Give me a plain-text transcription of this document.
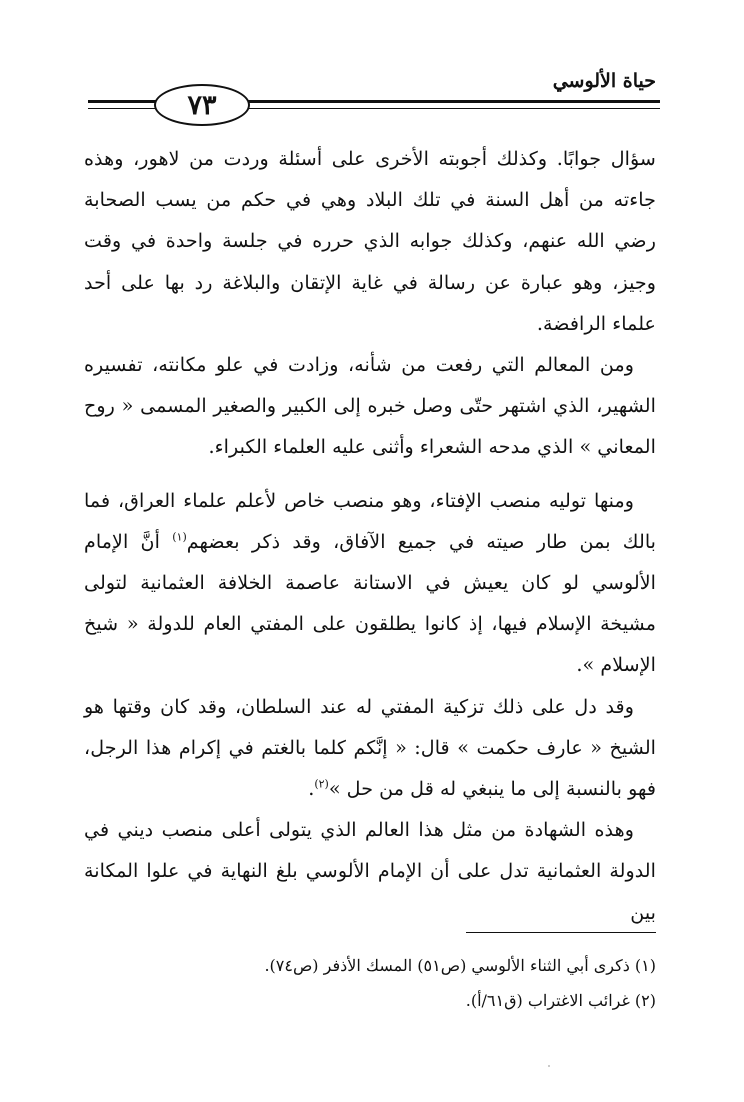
حياة الألوسي
٧٣

سؤال جوابًا. وكذلك أجوبته الأخرى على أسئلة وردت من لاهور، وهذه جاءته من أهل السنة في تلك البلاد وهي في حكم من يسب الصحابة رضي الله عنهم، وكذلك جوابه الذي حرره في جلسة واحدة في وقت وجيز، وهو عبارة عن رسالة في غاية الإتقان والبلاغة رد بها على أحد علماء الرافضة.

ومن المعالم التي رفعت من شأنه، وزادت في علو مكانته، تفسيره الشهير، الذي اشتهر حتّى وصل خبره إلى الكبير والصغير المسمى « روح المعاني » الذي مدحه الشعراء وأثنى عليه العلماء الكبراء.

ومنها توليه منصب الإفتاء، وهو منصب خاص لأعلم علماء العراق، فما بالك بمن طار صيته في جميع الآفاق، وقد ذكر بعضهم$^{(١)}$ أنَّ الإمام الألوسي لو كان يعيش في الاستانة عاصمة الخلافة العثمانية لتولى مشيخة الإسلام فيها، إذ كانوا يطلقون على المفتي العام للدولة « شيخ الإسلام ».

وقد دل على ذلك تزكية المفتي له عند السلطان، وقد كان وقتها هو الشيخ « عارف حكمت » قال: « إنَّكم كلما بالغتم في إكرام هذا الرجل، فهو بالنسبة إلى ما ينبغي له قل من حل »$^{(٢)}$.

وهذه الشهادة من مثل هذا العالم الذي يتولى أعلى منصب ديني في الدولة العثمانية تدل على أن الإمام الألوسي بلغ النهاية في علوا المكانة بين

(١) ذكرى أبي الثناء الألوسي (ص٥١) المسك الأذفر (ص٧٤).

(٢) غرائب الاغتراب (ق٦١/أ).
